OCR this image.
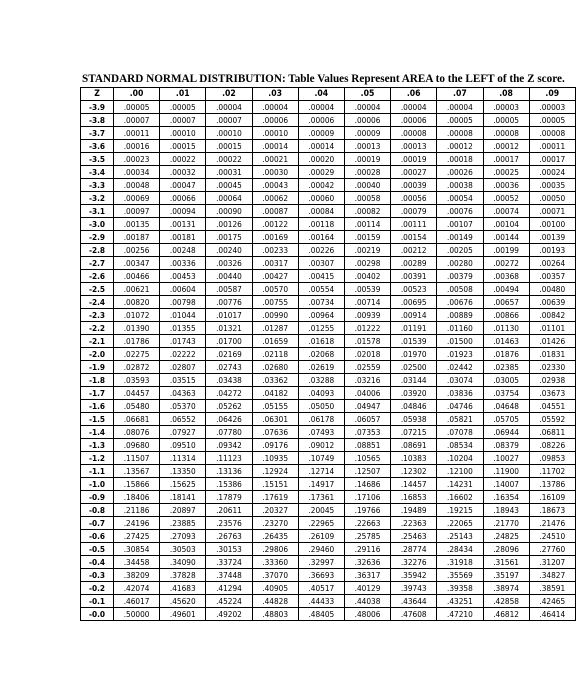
STANDARD NORMAL DISTRIBUTION: Table Values Represent AREA to the LEFT of the Z score.
Z	.00	.01	.02	.03	.04	.05	.06	.07	.08	.09
-3.9	.00005	.00005	.00004	.00004	.00004	.00004	.00004	.00004	.00003	.00003
-3.8	.00007	.00007	.00007	.00006	.00006	.00006	.00006	.00005	.00005	.00005
-3.7	.00011	.00010	.00010	.00010	.00009	.00009	.00008	.00008	.00008	.00008
-3.6	.00016	.00015	.00015	.00014	.00014	.00013	.00013	.00012	.00012	.00011
-3.5	.00023	.00022	.00022	.00021	.00020	.00019	.00019	.00018	.00017	.00017
-3.4	.00034	.00032	.00031	.00030	.00029	.00028	.00027	.00026	.00025	.00024
-3.3	.00048	.00047	.00045	.00043	.00042	.00040	.00039	.00038	.00036	.00035
-3.2	.00069	.00066	.00064	.00062	.00060	.00058	.00056	.00054	.00052	.00050
-3.1	.00097	.00094	.00090	.00087	.00084	.00082	.00079	.00076	.00074	.00071
-3.0	.00135	.00131	.00126	.00122	.00118	.00114	.00111	.00107	.00104	.00100
-2.9	.00187	.00181	.00175	.00169	.00164	.00159	.00154	.00149	.00144	.00139
-2.8	.00256	.00248	.00240	.00233	.00226	.00219	.00212	.00205	.00199	.00193
-2.7	.00347	.00336	.00326	.00317	.00307	.00298	.00289	.00280	.00272	.00264
-2.6	.00466	.00453	.00440	.00427	.00415	.00402	.00391	.00379	.00368	.00357
-2.5	.00621	.00604	.00587	.00570	.00554	.00539	.00523	.00508	.00494	.00480
-2.4	.00820	.00798	.00776	.00755	.00734	.00714	.00695	.00676	.00657	.00639
-2.3	.01072	.01044	.01017	.00990	.00964	.00939	.00914	.00889	.00866	.00842
-2.2	.01390	.01355	.01321	.01287	.01255	.01222	.01191	.01160	.01130	.01101
-2.1	.01786	.01743	.01700	.01659	.01618	.01578	.01539	.01500	.01463	.01426
-2.0	.02275	.02222	.02169	.02118	.02068	.02018	.01970	.01923	.01876	.01831
-1.9	.02872	.02807	.02743	.02680	.02619	.02559	.02500	.02442	.02385	.02330
-1.8	.03593	.03515	.03438	.03362	.03288	.03216	.03144	.03074	.03005	.02938
-1.7	.04457	.04363	.04272	.04182	.04093	.04006	.03920	.03836	.03754	.03673
-1.6	.05480	.05370	.05262	.05155	.05050	.04947	.04846	.04746	.04648	.04551
-1.5	.06681	.06552	.06426	.06301	.06178	.06057	.05938	.05821	.05705	.05592
-1.4	.08076	.07927	.07780	.07636	.07493	.07353	.07215	.07078	.06944	.06811
-1.3	.09680	.09510	.09342	.09176	.09012	.08851	.08691	.08534	.08379	.08226
-1.2	.11507	.11314	.11123	.10935	.10749	.10565	.10383	.10204	.10027	.09853
-1.1	.13567	.13350	.13136	.12924	.12714	.12507	.12302	.12100	.11900	.11702
-1.0	.15866	.15625	.15386	.15151	.14917	.14686	.14457	.14231	.14007	.13786
-0.9	.18406	.18141	.17879	.17619	.17361	.17106	.16853	.16602	.16354	.16109
-0.8	.21186	.20897	.20611	.20327	.20045	.19766	.19489	.19215	.18943	.18673
-0.7	.24196	.23885	.23576	.23270	.22965	.22663	.22363	.22065	.21770	.21476
-0.6	.27425	.27093	.26763	.26435	.26109	.25785	.25463	.25143	.24825	.24510
-0.5	.30854	.30503	.30153	.29806	.29460	.29116	.28774	.28434	.28096	.27760
-0.4	.34458	.34090	.33724	.33360	.32997	.32636	.32276	.31918	.31561	.31207
-0.3	.38209	.37828	.37448	.37070	.36693	.36317	.35942	.35569	.35197	.34827
-0.2	.42074	.41683	.41294	.40905	.40517	.40129	.39743	.39358	.38974	.38591
-0.1	.46017	.45620	.45224	.44828	.44433	.44038	.43644	.43251	.42858	.42465
-0.0	.50000	.49601	.49202	.48803	.48405	.48006	.47608	.47210	.46812	.46414
